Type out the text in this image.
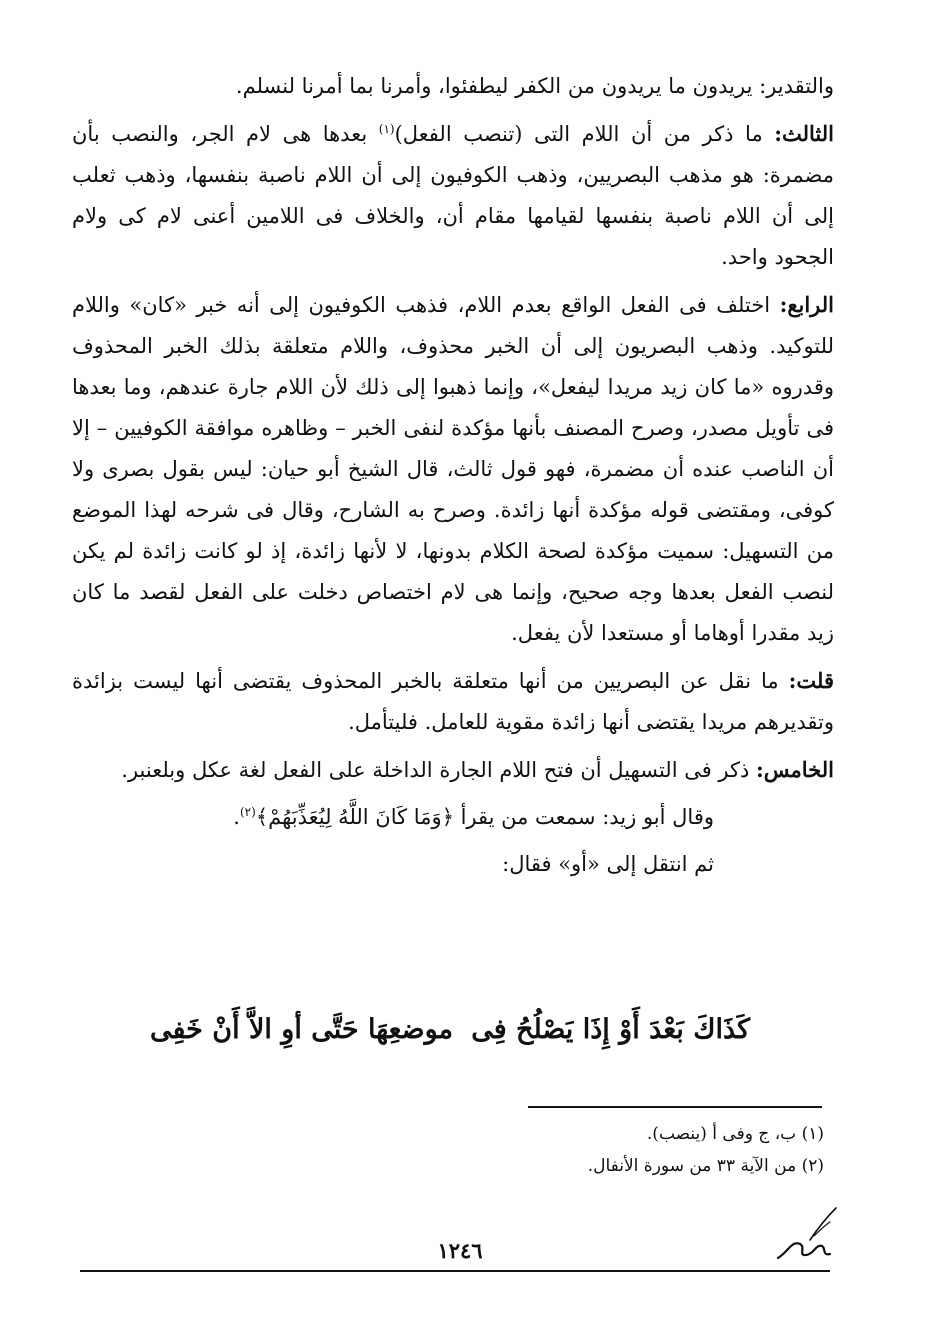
والتقدير: يريدون ما يريدون من الكفر ليطفئوا، وأمرنا بما أمرنا لنسلم.

الثالث: ما ذكر من أن اللام التى (تنصب الفعل)$^{(١)}$ بعدها هى لام الجر، والنصب بأن مضمرة: هو مذهب البصريين، وذهب الكوفيون إلى أن اللام ناصبة بنفسها، وذهب ثعلب إلى أن اللام ناصبة بنفسها لقيامها مقام أن، والخلاف فى اللامين أعنى لام كى ولام الجحود واحد.

الرابع: اختلف فى الفعل الواقع بعدم اللام، فذهب الكوفيون إلى أنه خبر «كان» واللام للتوكيد. وذهب البصريون إلى أن الخبر محذوف، واللام متعلقة بذلك الخبر المحذوف وقدروه «ما كان زيد مريدا ليفعل»، وإنما ذهبوا إلى ذلك لأن اللام جارة عندهم، وما بعدها فى تأويل مصدر، وصرح المصنف بأنها مؤكدة لنفى الخبر – وظاهره موافقة الكوفيين – إلا أن الناصب عنده أن مضمرة، فهو قول ثالث، قال الشيخ أبو حيان: ليس بقول بصرى ولا كوفى، ومقتضى قوله مؤكدة أنها زائدة. وصرح به الشارح، وقال فى شرحه لهذا الموضع من التسهيل: سميت مؤكدة لصحة الكلام بدونها، لا لأنها زائدة، إذ لو كانت زائدة لم يكن لنصب الفعل بعدها وجه صحيح، وإنما هى لام اختصاص دخلت على الفعل لقصد ما كان زيد مقدرا أوهاما أو مستعدا لأن يفعل.

قلت: ما نقل عن البصريين من أنها متعلقة بالخبر المحذوف يقتضى أنها ليست بزائدة وتقديرهم مريدا يقتضى أنها زائدة مقوية للعامل. فليتأمل.

الخامس: ذكر فى التسهيل أن فتح اللام الجارة الداخلة على الفعل لغة عكل وبلعنبر.

وقال أبو زيد: سمعت من يقرأ ﴿وَمَا كَانَ اللَّهُ لِيُعَذِّبَهُمْ﴾$^{(٢)}$.

ثم انتقل إلى «أو» فقال:

كَذَاكَ بَعْدَ أَوْ إِذَا يَصْلُحُ فِى
موضعِهَا حَتَّى أوِ الاَّ أَنْ خَفِى
(١) ب، ج وفى أ (ينصب).
(٢) من الآية ٣٣ من سورة الأنفال.
١٢٤٦
